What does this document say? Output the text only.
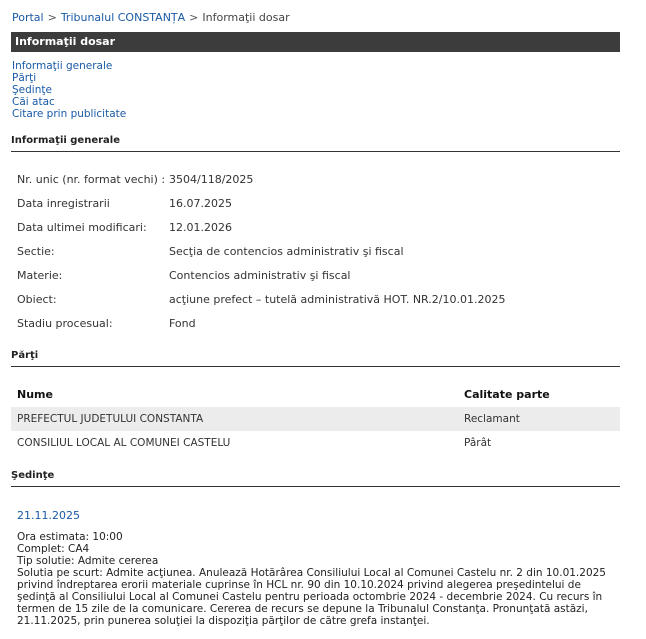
Portal > Tribunalul CONSTANȚA > Informaţii dosar
Informaţii dosar
Informaţii generale
Părţi
Şedinţe
Căi atac
Citare prin publicitate
Informaţii generale
Nr. unic (nr. format vechi) : 3504/118/2025
Data inregistrarii	16.07.2025
Data ultimei modificari: 12.01.2026
Sectie:	Secţia de contencios administrativ şi fiscal
Materie:	Contencios administrativ şi fiscal
Obiect:	acţiune prefect – tutelă administrativă HOT. NR.2/10.01.2025
Stadiu procesual:	Fond
Părţi
Nume	Calitate parte
PREFECTUL JUDETULUI CONSTANTA	Reclamant
CONSILIUL LOCAL AL COMUNEI CASTELU	Pârât
Şedinţe
21.11.2025
Ora estimata: 10:00
Complet: CA4
Tip solutie: Admite cererea
Solutia pe scurt: Admite acţiunea. Anulează Hotărârea Consiliului Local al Comunei Castelu nr. 2 din 10.01.2025 privind îndreptarea erorii materiale cuprinse în HCL nr. 90 din 10.10.2024 privind alegerea preşedintelui de şedinţă al Consiliului Local al Comunei Castelu pentru perioada octombrie 2024 - decembrie 2024. Cu recurs în termen de 15 zile de la comunicare. Cererea de recurs se depune la Tribunalul Constanţa. Pronunţată astăzi, 21.11.2025, prin punerea soluţiei la dispoziţia părţilor de către grefa instanţei.
